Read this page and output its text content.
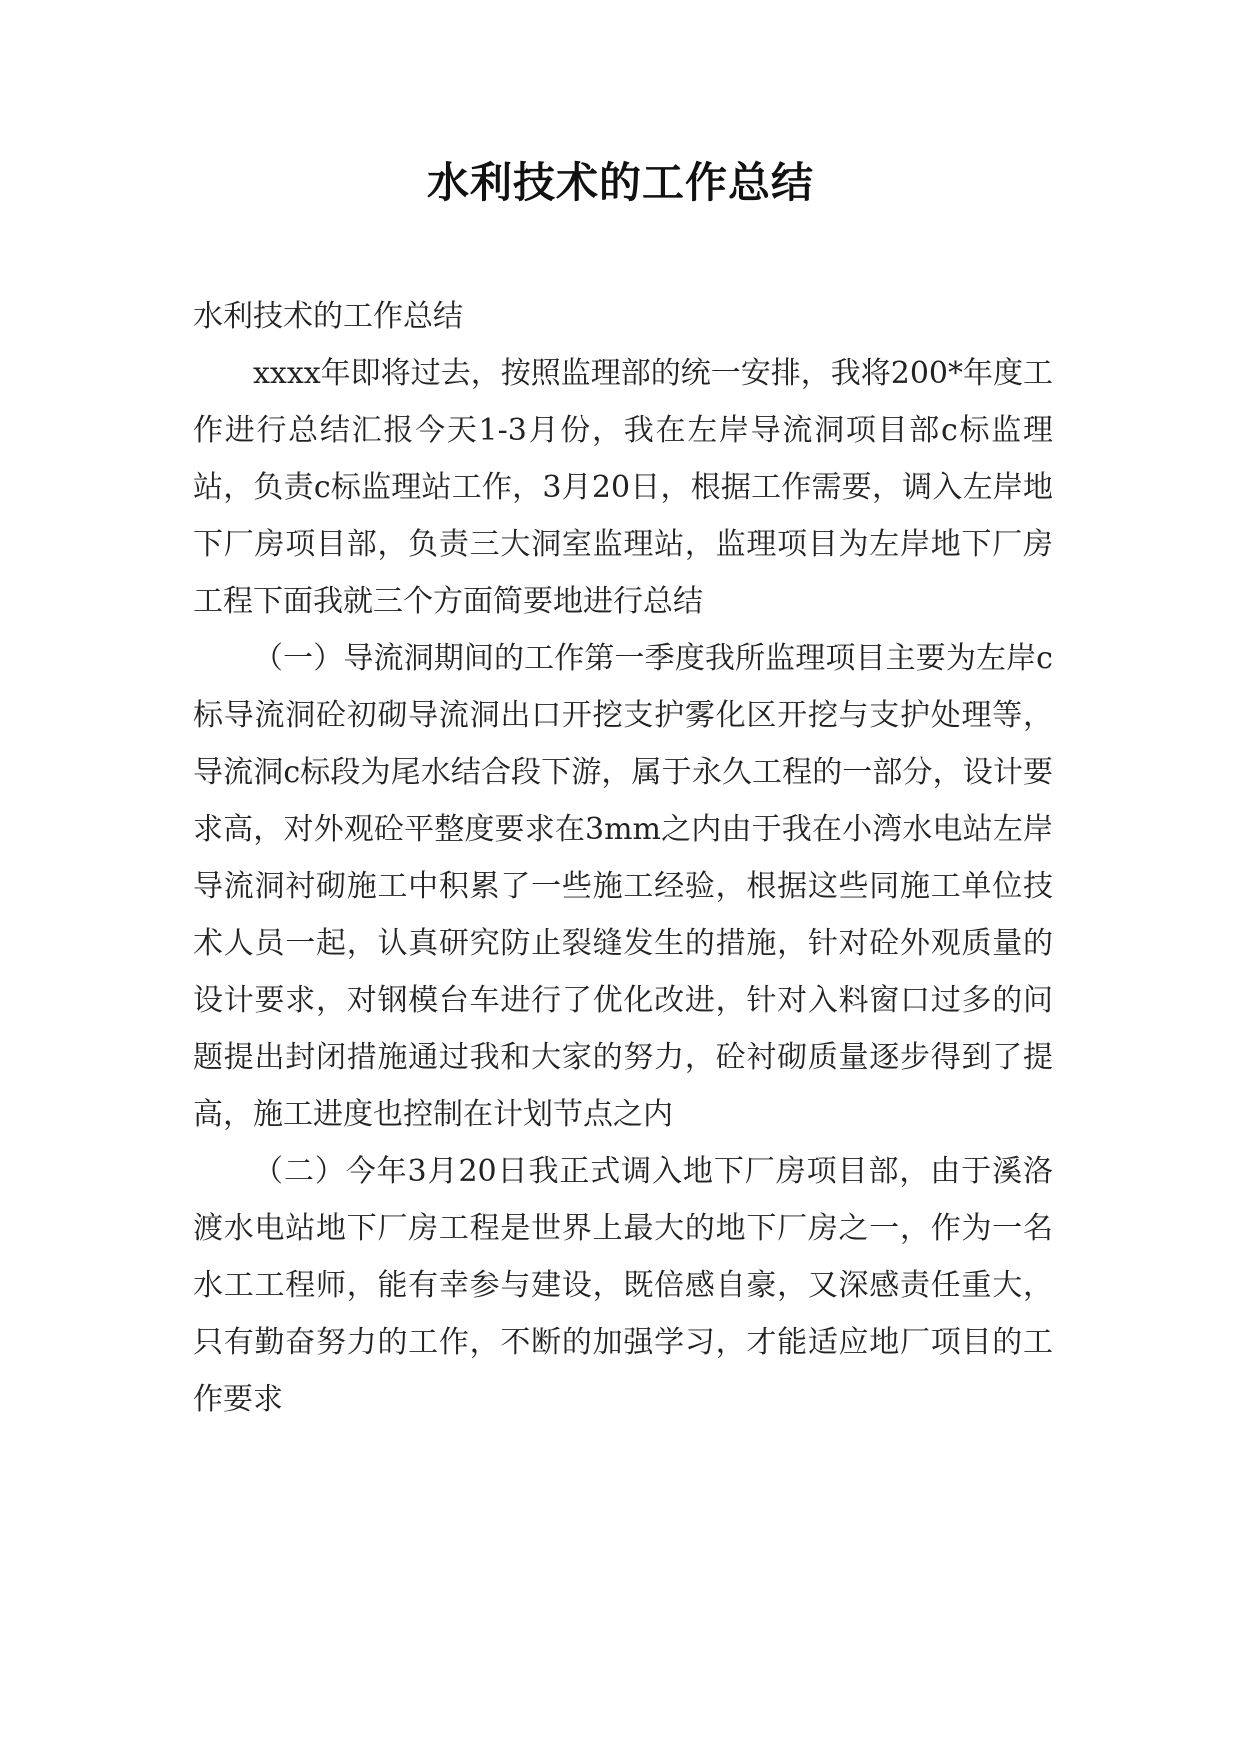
水利技术的工作总结

水利技术的工作总结

xxxx年即将过去，按照监理部的统一安排，我将200*年度工作进行总结汇报今天1-3月份，我在左岸导流洞项目部c标监理站，负责c标监理站工作，3月20日，根据工作需要，调入左岸地下厂房项目部，负责三大洞室监理站，监理项目为左岸地下厂房工程下面我就三个方面简要地进行总结

（一）导流洞期间的工作第一季度我所监理项目主要为左岸c标导流洞砼初砌导流洞出口开挖支护雾化区开挖与支护处理等，导流洞c标段为尾水结合段下游，属于永久工程的一部分，设计要求高，对外观砼平整度要求在3mm之内由于我在小湾水电站左岸导流洞衬砌施工中积累了一些施工经验，根据这些同施工单位技术人员一起，认真研究防止裂缝发生的措施，针对砼外观质量的设计要求，对钢模台车进行了优化改进，针对入料窗口过多的问题提出封闭措施通过我和大家的努力，砼衬砌质量逐步得到了提高，施工进度也控制在计划节点之内

（二）今年3月20日我正式调入地下厂房项目部，由于溪洛渡水电站地下厂房工程是世界上最大的地下厂房之一，作为一名水工工程师，能有幸参与建设，既倍感自豪，又深感责任重大，只有勤奋努力的工作，不断的加强学习，才能适应地厂项目的工作要求
